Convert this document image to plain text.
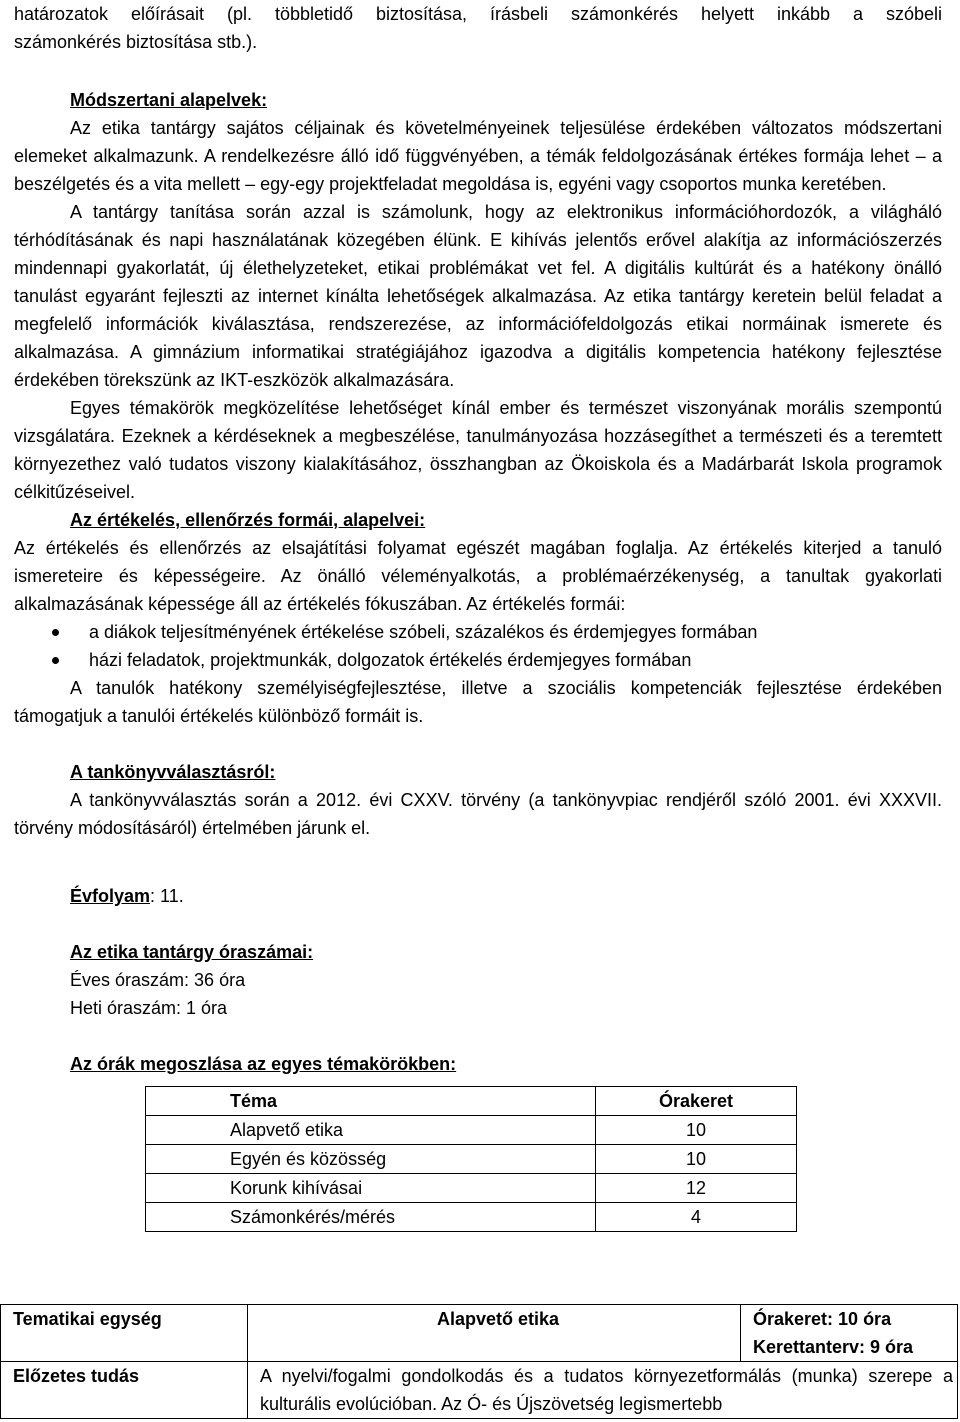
határozatok előírásait (pl. többletidő biztosítása, írásbeli számonkérés helyett inkább a szóbeli
számonkérés biztosítása stb.).

Módszertani alapelvek:

Az etika tantárgy sajátos céljainak és követelményeinek teljesülése érdekében változatos módszertani elemeket alkalmazunk. A rendelkezésre álló idő függvényében, a témák feldolgozásának értékes formája lehet – a beszélgetés és a vita mellett – egy-egy projektfeladat megoldása is, egyéni vagy csoportos munka keretében.

A tantárgy tanítása során azzal is számolunk, hogy az elektronikus információhordozók, a világháló térhódításának és napi használatának közegében élünk. E kihívás jelentős erővel alakítja az információszerzés mindennapi gyakorlatát, új élethelyzeteket, etikai problémákat vet fel. A digitális kultúrát és a hatékony önálló tanulást egyaránt fejleszti az internet kínálta lehetőségek alkalmazása. Az etika tantárgy keretein belül feladat a megfelelő információk kiválasztása, rendszerezése, az információfeldolgozás etikai normáinak ismerete és alkalmazása. A gimnázium informatikai stratégiájához igazodva a digitális kompetencia hatékony fejlesztése érdekében törekszünk az IKT-eszközök alkalmazására.

Egyes témakörök megközelítése lehetőséget kínál ember és természet viszonyának morális szempontú vizsgálatára. Ezeknek a kérdéseknek a megbeszélése, tanulmányozása hozzásegíthet a természeti és a teremtett környezethez való tudatos viszony kialakításához, összhangban az Ökoiskola és a Madárbarát Iskola programok célkitűzéseivel.

Az értékelés, ellenőrzés formái, alapelvei:

Az értékelés és ellenőrzés az elsajátítási folyamat egészét magában foglalja. Az értékelés kiterjed a tanuló ismereteire és képességeire. Az önálló véleményalkotás, a problémaérzékenység, a tanultak gyakorlati alkalmazásának képessége áll az értékelés fókuszában. Az értékelés formái:

a diákok teljesítményének értékelése szóbeli, százalékos és érdemjegyes formában
házi feladatok, projektmunkák, dolgozatok értékelés érdemjegyes formában

A tanulók hatékony személyiségfejlesztése, illetve a szociális kompetenciák fejlesztése érdekében támogatjuk a tanulói értékelés különböző formáit is.

A tankönyvválasztásról:

A tankönyvválasztás során a 2012. évi CXXV. törvény (a tankönyvpiac rendjéről szóló 2001. évi XXXVII. törvény módosításáról) értelmében járunk el.

Évfolyam: 11.

Az etika tantárgy óraszámai:

Éves óraszám: 36 óra

Heti óraszám: 1 óra

Az órák megoszlása az egyes témakörökben:

Téma	Órakeret
Alapvető etika	10
Egyén és közösség	10
Korunk kihívásai	12
Számonkérés/mérés	4
Tematikai egység	Alapvető etika	Órakeret: 10 óra
Kerettanterv: 9 óra

Előzetes tudás	A nyelvi/fogalmi gondolkodás és a tudatos környezetformálás (munka) szerepe a kulturális evolúcióban. Az Ó- és Újszövetség legismertebb	
